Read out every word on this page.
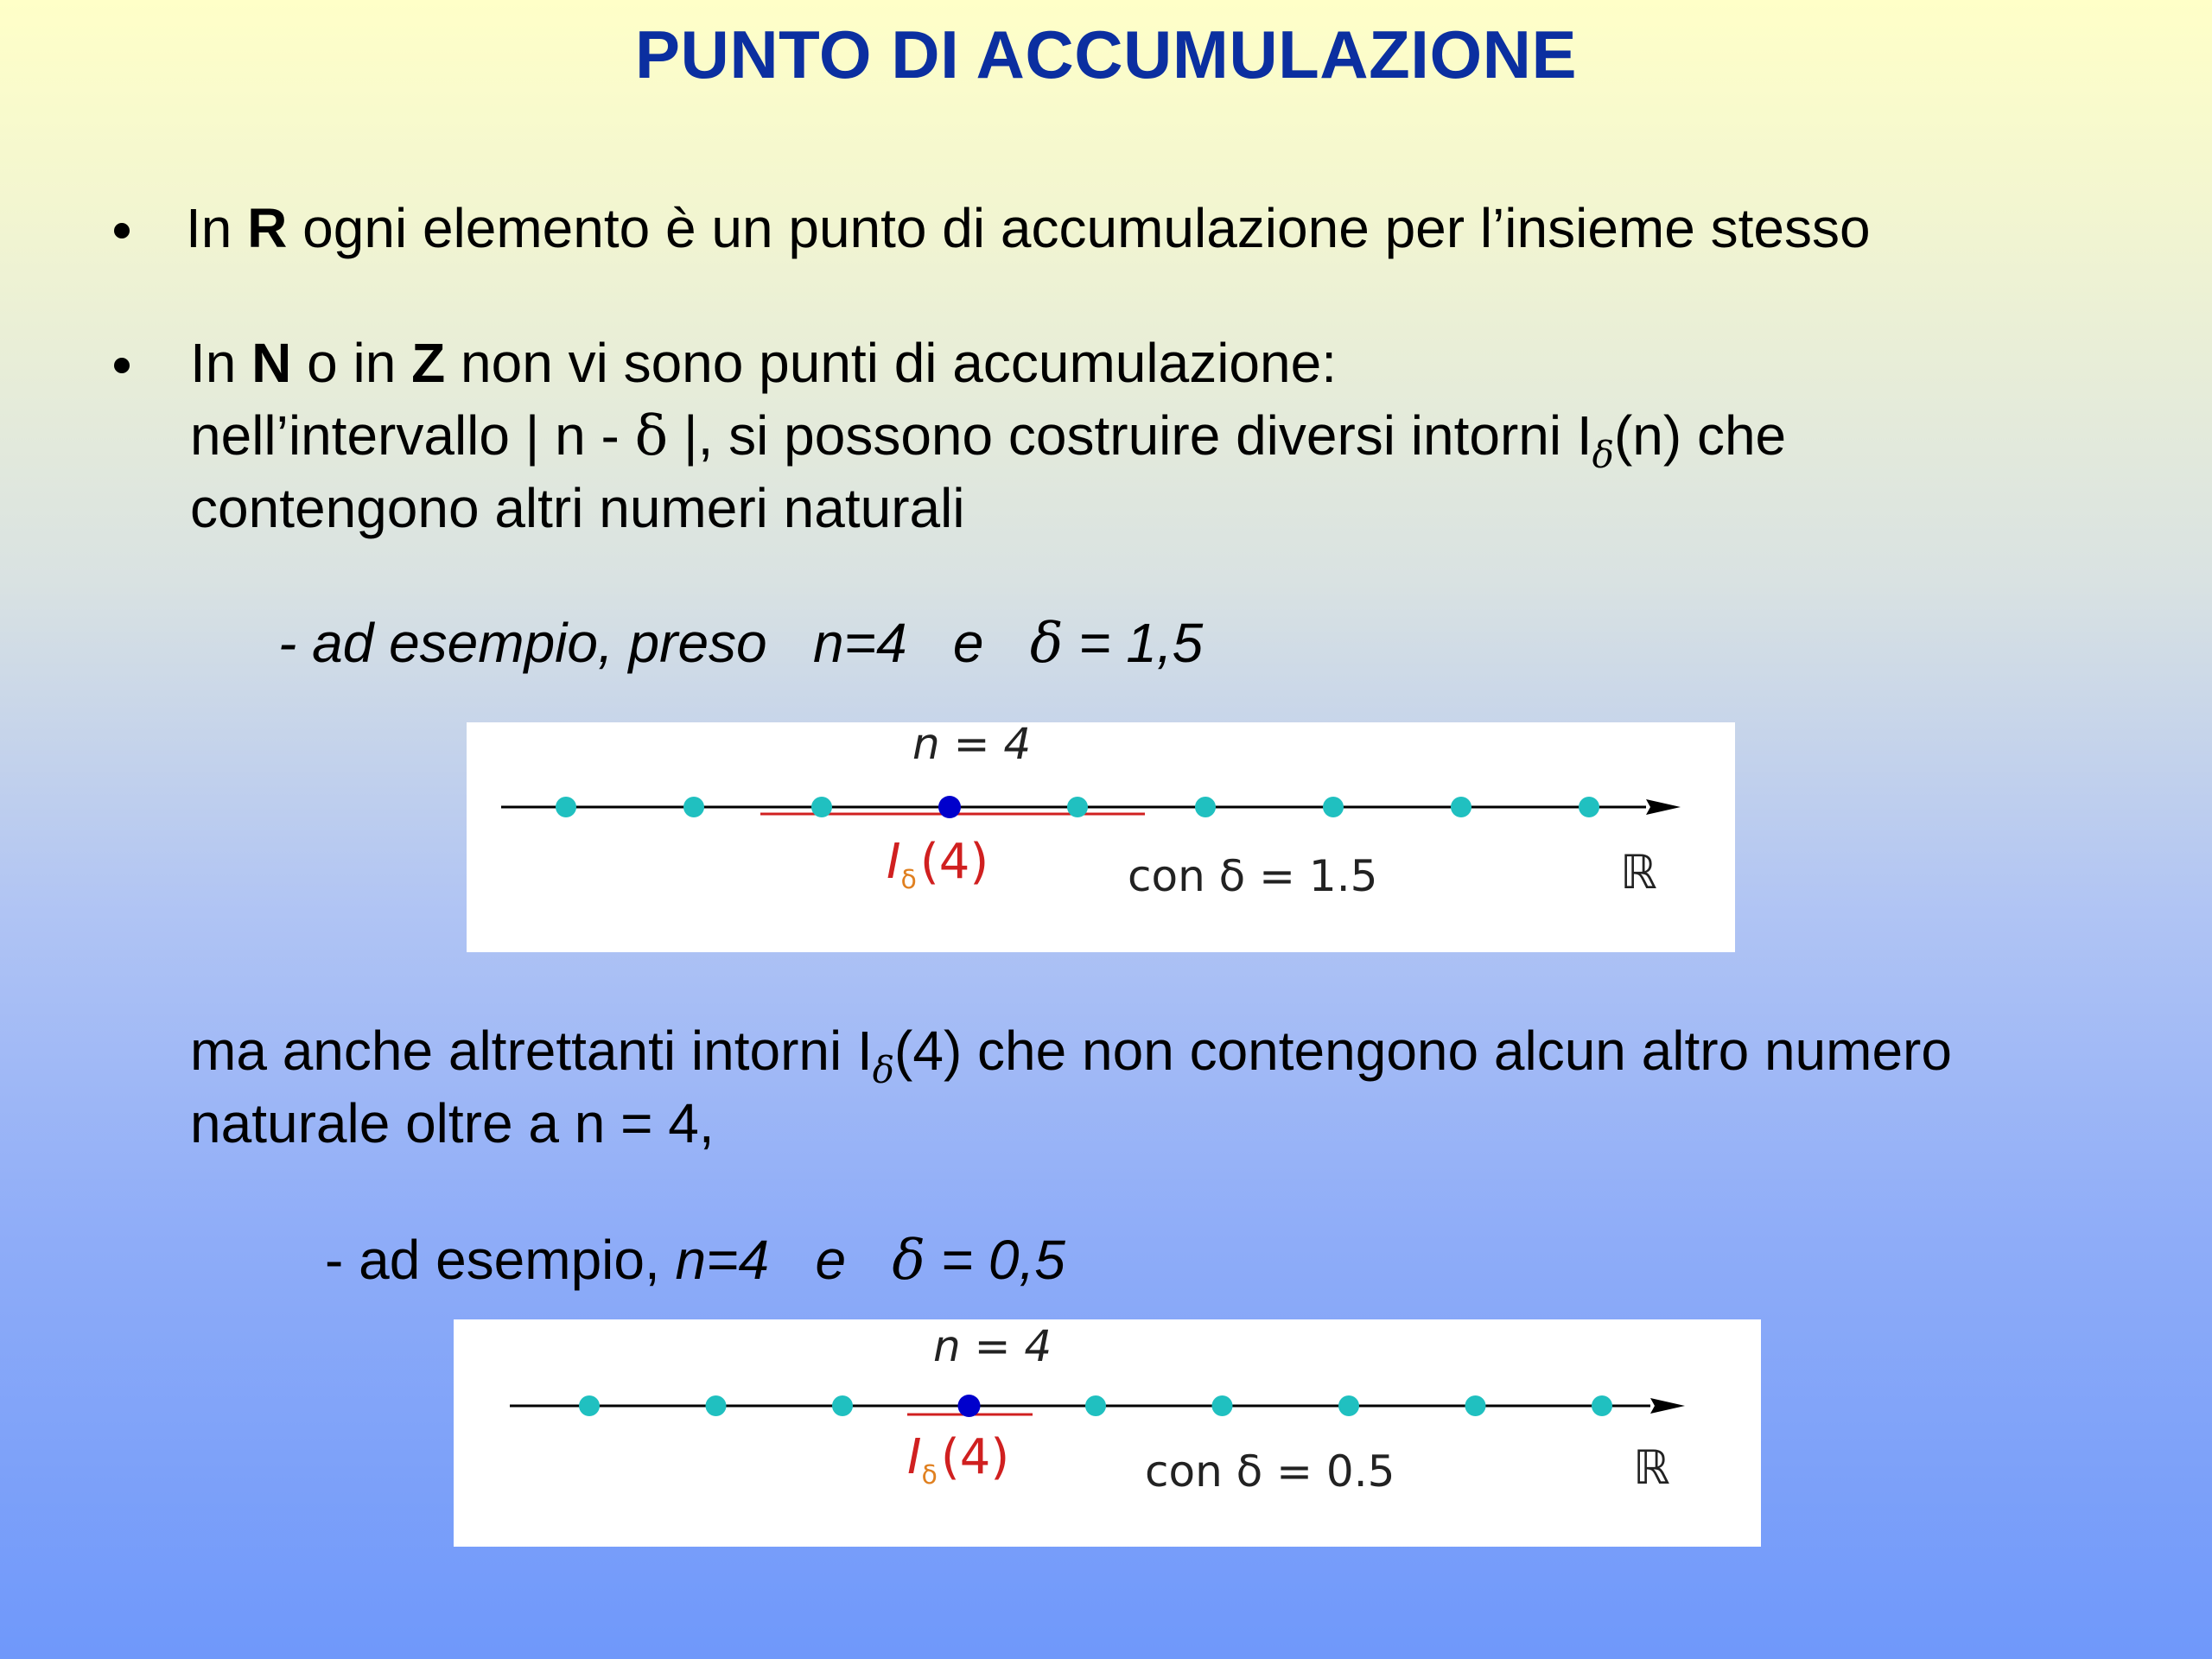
PUNTO DI ACCUMULAZIONE
In R ogni elemento è un punto di accumulazione per l’insieme stesso
In N o in Z non vi sono punti di accumulazione:
nell’intervallo | n - δ |, si possono costruire diversi intorni $I_\delta(n)$ che
contengono altri numeri naturali
- ad esempio, preso   n=4   e   δ = 1,5
n = 4
$I_\delta(4)$	con δ = 1.5	ℝ
ma anche altrettanti intorni $I_\delta(4)$ che non contengono alcun altro numero
naturale oltre a n = 4,
- ad esempio, n=4   e   δ = 0,5
n = 4
$I_\delta(4)$	con δ = 0.5	ℝ
